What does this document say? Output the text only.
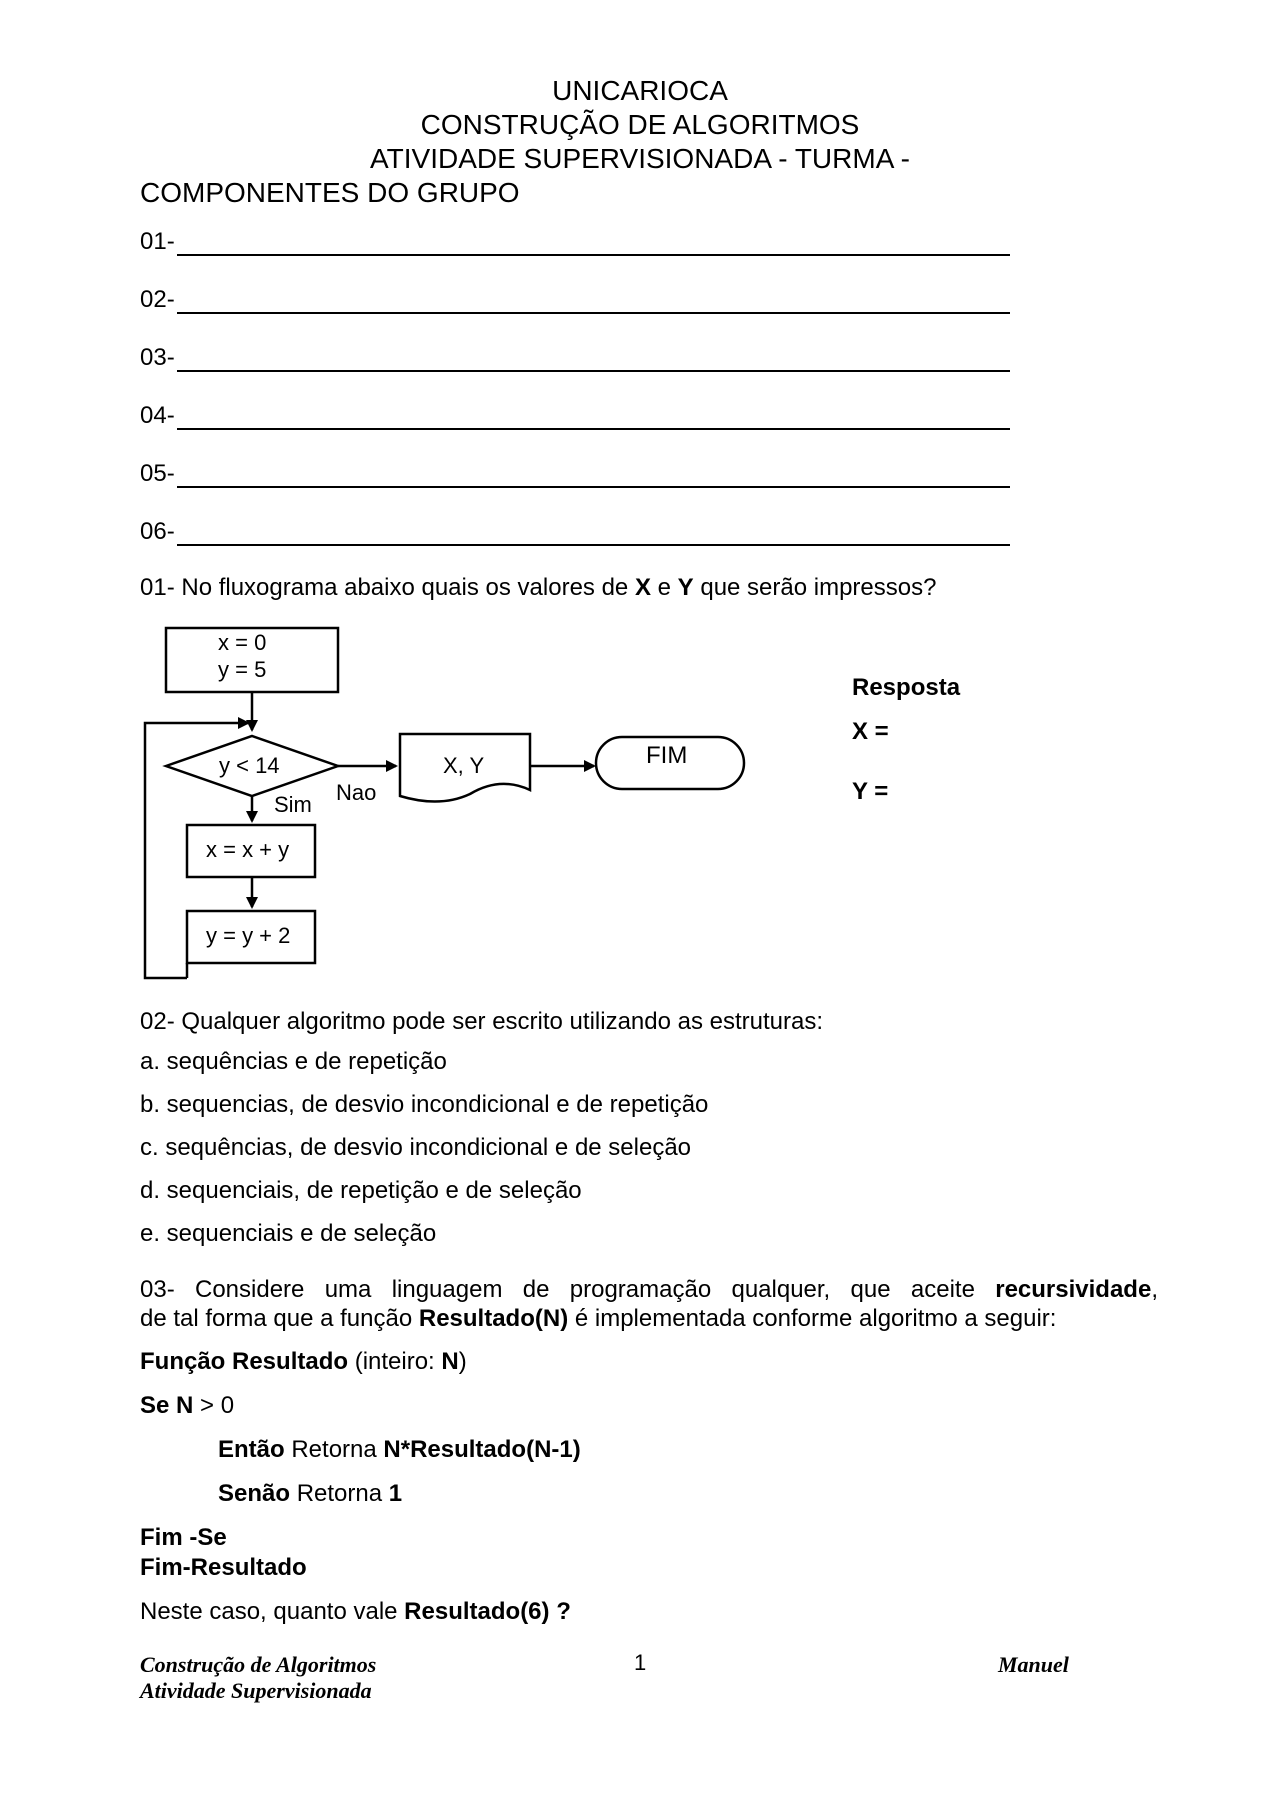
UNICARIOCA
CONSTRUÇÃO DE ALGORITMOS
ATIVIDADE SUPERVISIONADA - TURMA -
COMPONENTES DO GRUPO
01-
02-
03-
04-
05-
06-
01- No fluxograma abaixo quais os valores de X e Y que serão impressos?
x = 0
y = 5
y < 14
Sim Nao
X, Y	FIM
x = x + y
y = y + 2
Resposta
X =
Y =
02- Qualquer algoritmo pode ser escrito utilizando as estruturas:
a. sequências e de repetição
b. sequencias, de desvio incondicional e de repetição
c. sequências, de desvio incondicional e de seleção
d. sequenciais, de repetição e de seleção
e. sequenciais e de seleção
03- Considere uma linguagem de programação qualquer, que aceite recursividade,
de tal forma que a função Resultado(N) é implementada conforme algoritmo a seguir:
Função Resultado (inteiro: N)
Se N > 0
Então Retorna N*Resultado(N-1)
Senão Retorna 1
Fim -Se
Fim-Resultado
Neste caso, quanto vale Resultado(6) ?
Construção de Algoritmos
Atividade Supervisionada
1	Manuel
